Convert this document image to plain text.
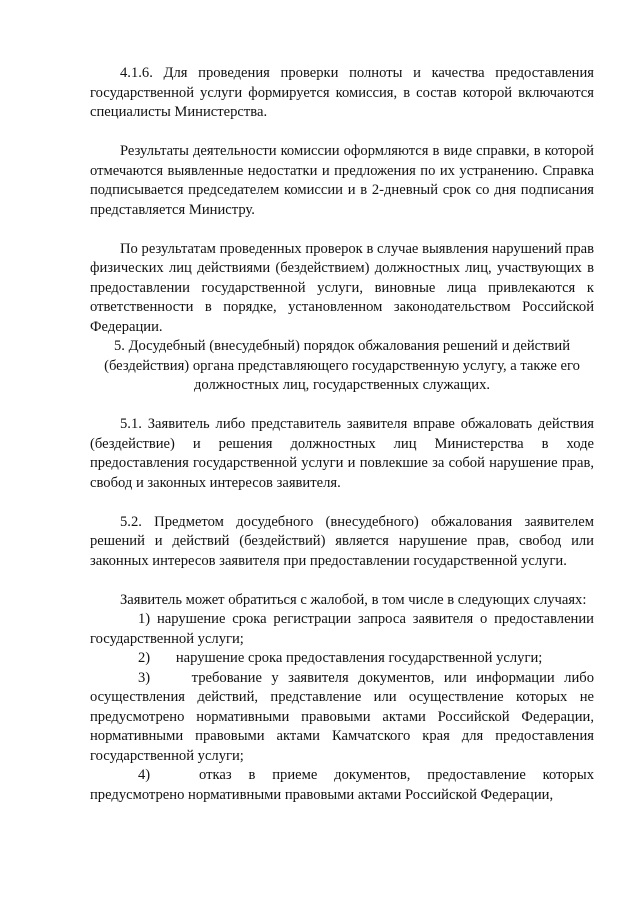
4.1.6. Для проведения проверки полноты и качества предоставления государственной услуги формируется комиссия, в состав которой включаются специалисты Министерства.

Результаты деятельности комиссии оформляются в виде справки, в которой отмечаются выявленные недостатки и предложения по их устранению. Справка подписывается председателем комиссии и в 2-дневный срок со дня подписания представляется Министру.

По результатам проведенных проверок в случае выявления нарушений прав физических лиц действиями (бездействием) должностных лиц, участвующих в предоставлении государственной услуги, виновные лица привлекаются к ответственности в порядке, установленном законодательством Российской Федерации.

5. Досудебный (внесудебный) порядок обжалования решений и действий (бездействия) органа представляющего государственную услугу, а также его должностных лиц, государственных служащих.

5.1. Заявитель либо представитель заявителя вправе обжаловать действия (бездействие) и решения должностных лиц Министерства в ходе предоставления государственной услуги и повлекшие за собой нарушение прав, свобод и законных интересов заявителя.

5.2. Предметом досудебного (внесудебного) обжалования заявителем решений и действий (бездействий) является нарушение прав, свобод или законных интересов заявителя при предоставлении государственной услуги.

Заявитель может обратиться с жалобой, в том числе в следующих случаях:

1) нарушение срока регистрации запроса заявителя о предоставлении государственной услуги;

2) нарушение срока предоставления государственной услуги;

3)	требование у заявителя документов, или информации либо осуществления действий, представление или осуществление которых не предусмотрено нормативными правовыми актами Российской Федерации, нормативными правовыми актами Камчатского края для предоставления государственной услуги;

4)	отказ в приеме документов, предоставление которых предусмотрено нормативными правовыми актами Российской Федерации,
